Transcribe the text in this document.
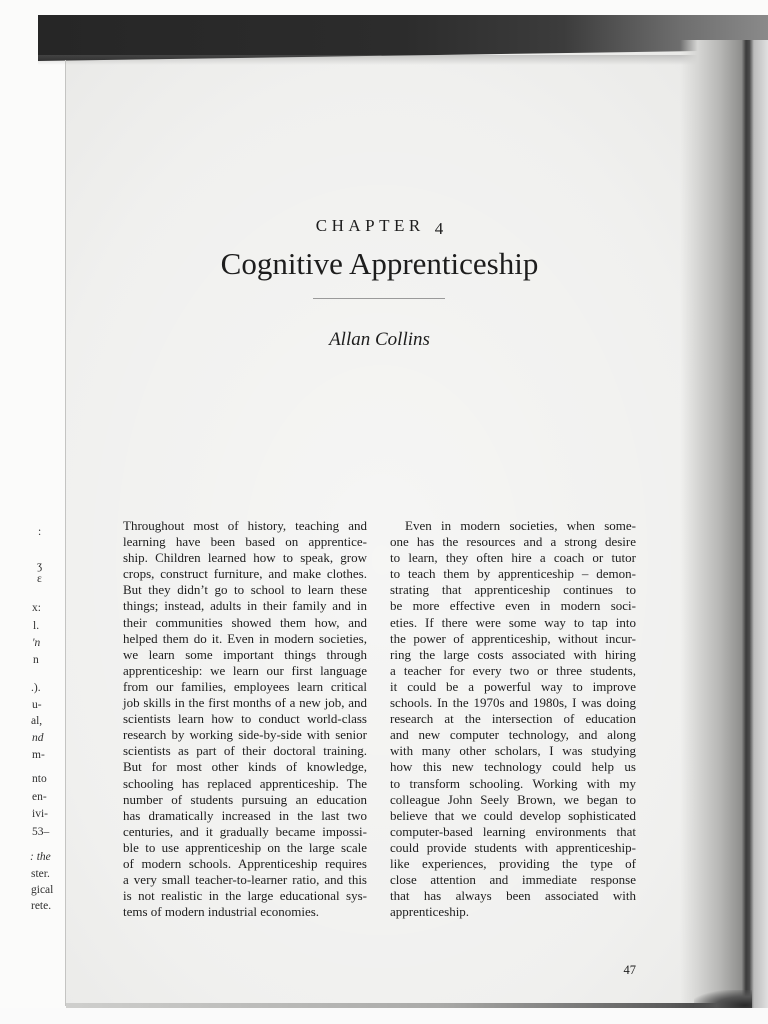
:
ʒ
ɛ
x:
l.
'n
n
.).
u-
al,
nd
m-
nto
en-
ivi-
53–
: the
ster.
gical
rete.
CHAPTER 4
Cognitive Apprenticeship
Allan Collins
Throughout most of history, teaching and
learning have been based on apprentice-
ship. Children learned how to speak, grow
crops, construct furniture, and make clothes.
But they didn’t go to school to learn these
things; instead, adults in their family and in
their communities showed them how, and
helped them do it. Even in modern societies,
we learn some important things through
apprenticeship: we learn our first language
from our families, employees learn critical
job skills in the first months of a new job, and
scientists learn how to conduct world-class
research by working side-by-side with senior
scientists as part of their doctoral training.
But for most other kinds of knowledge,
schooling has replaced apprenticeship. The
number of students pursuing an education
has dramatically increased in the last two
centuries, and it gradually became impossi-
ble to use apprenticeship on the large scale
of modern schools. Apprenticeship requires
a very small teacher-to-learner ratio, and this
is not realistic in the large educational sys-
tems of modern industrial economies.
Even in modern societies, when some-
one has the resources and a strong desire
to learn, they often hire a coach or tutor
to teach them by apprenticeship – demon-
strating that apprenticeship continues to
be more effective even in modern soci-
eties. If there were some way to tap into
the power of apprenticeship, without incur-
ring the large costs associated with hiring
a teacher for every two or three students,
it could be a powerful way to improve
schools. In the 1970s and 1980s, I was doing
research at the intersection of education
and new computer technology, and along
with many other scholars, I was studying
how this new technology could help us
to transform schooling. Working with my
colleague John Seely Brown, we began to
believe that we could develop sophisticated
computer-based learning environments that
could provide students with apprenticeship-
like experiences, providing the type of
close attention and immediate response
that has always been associated with
apprenticeship.
47
